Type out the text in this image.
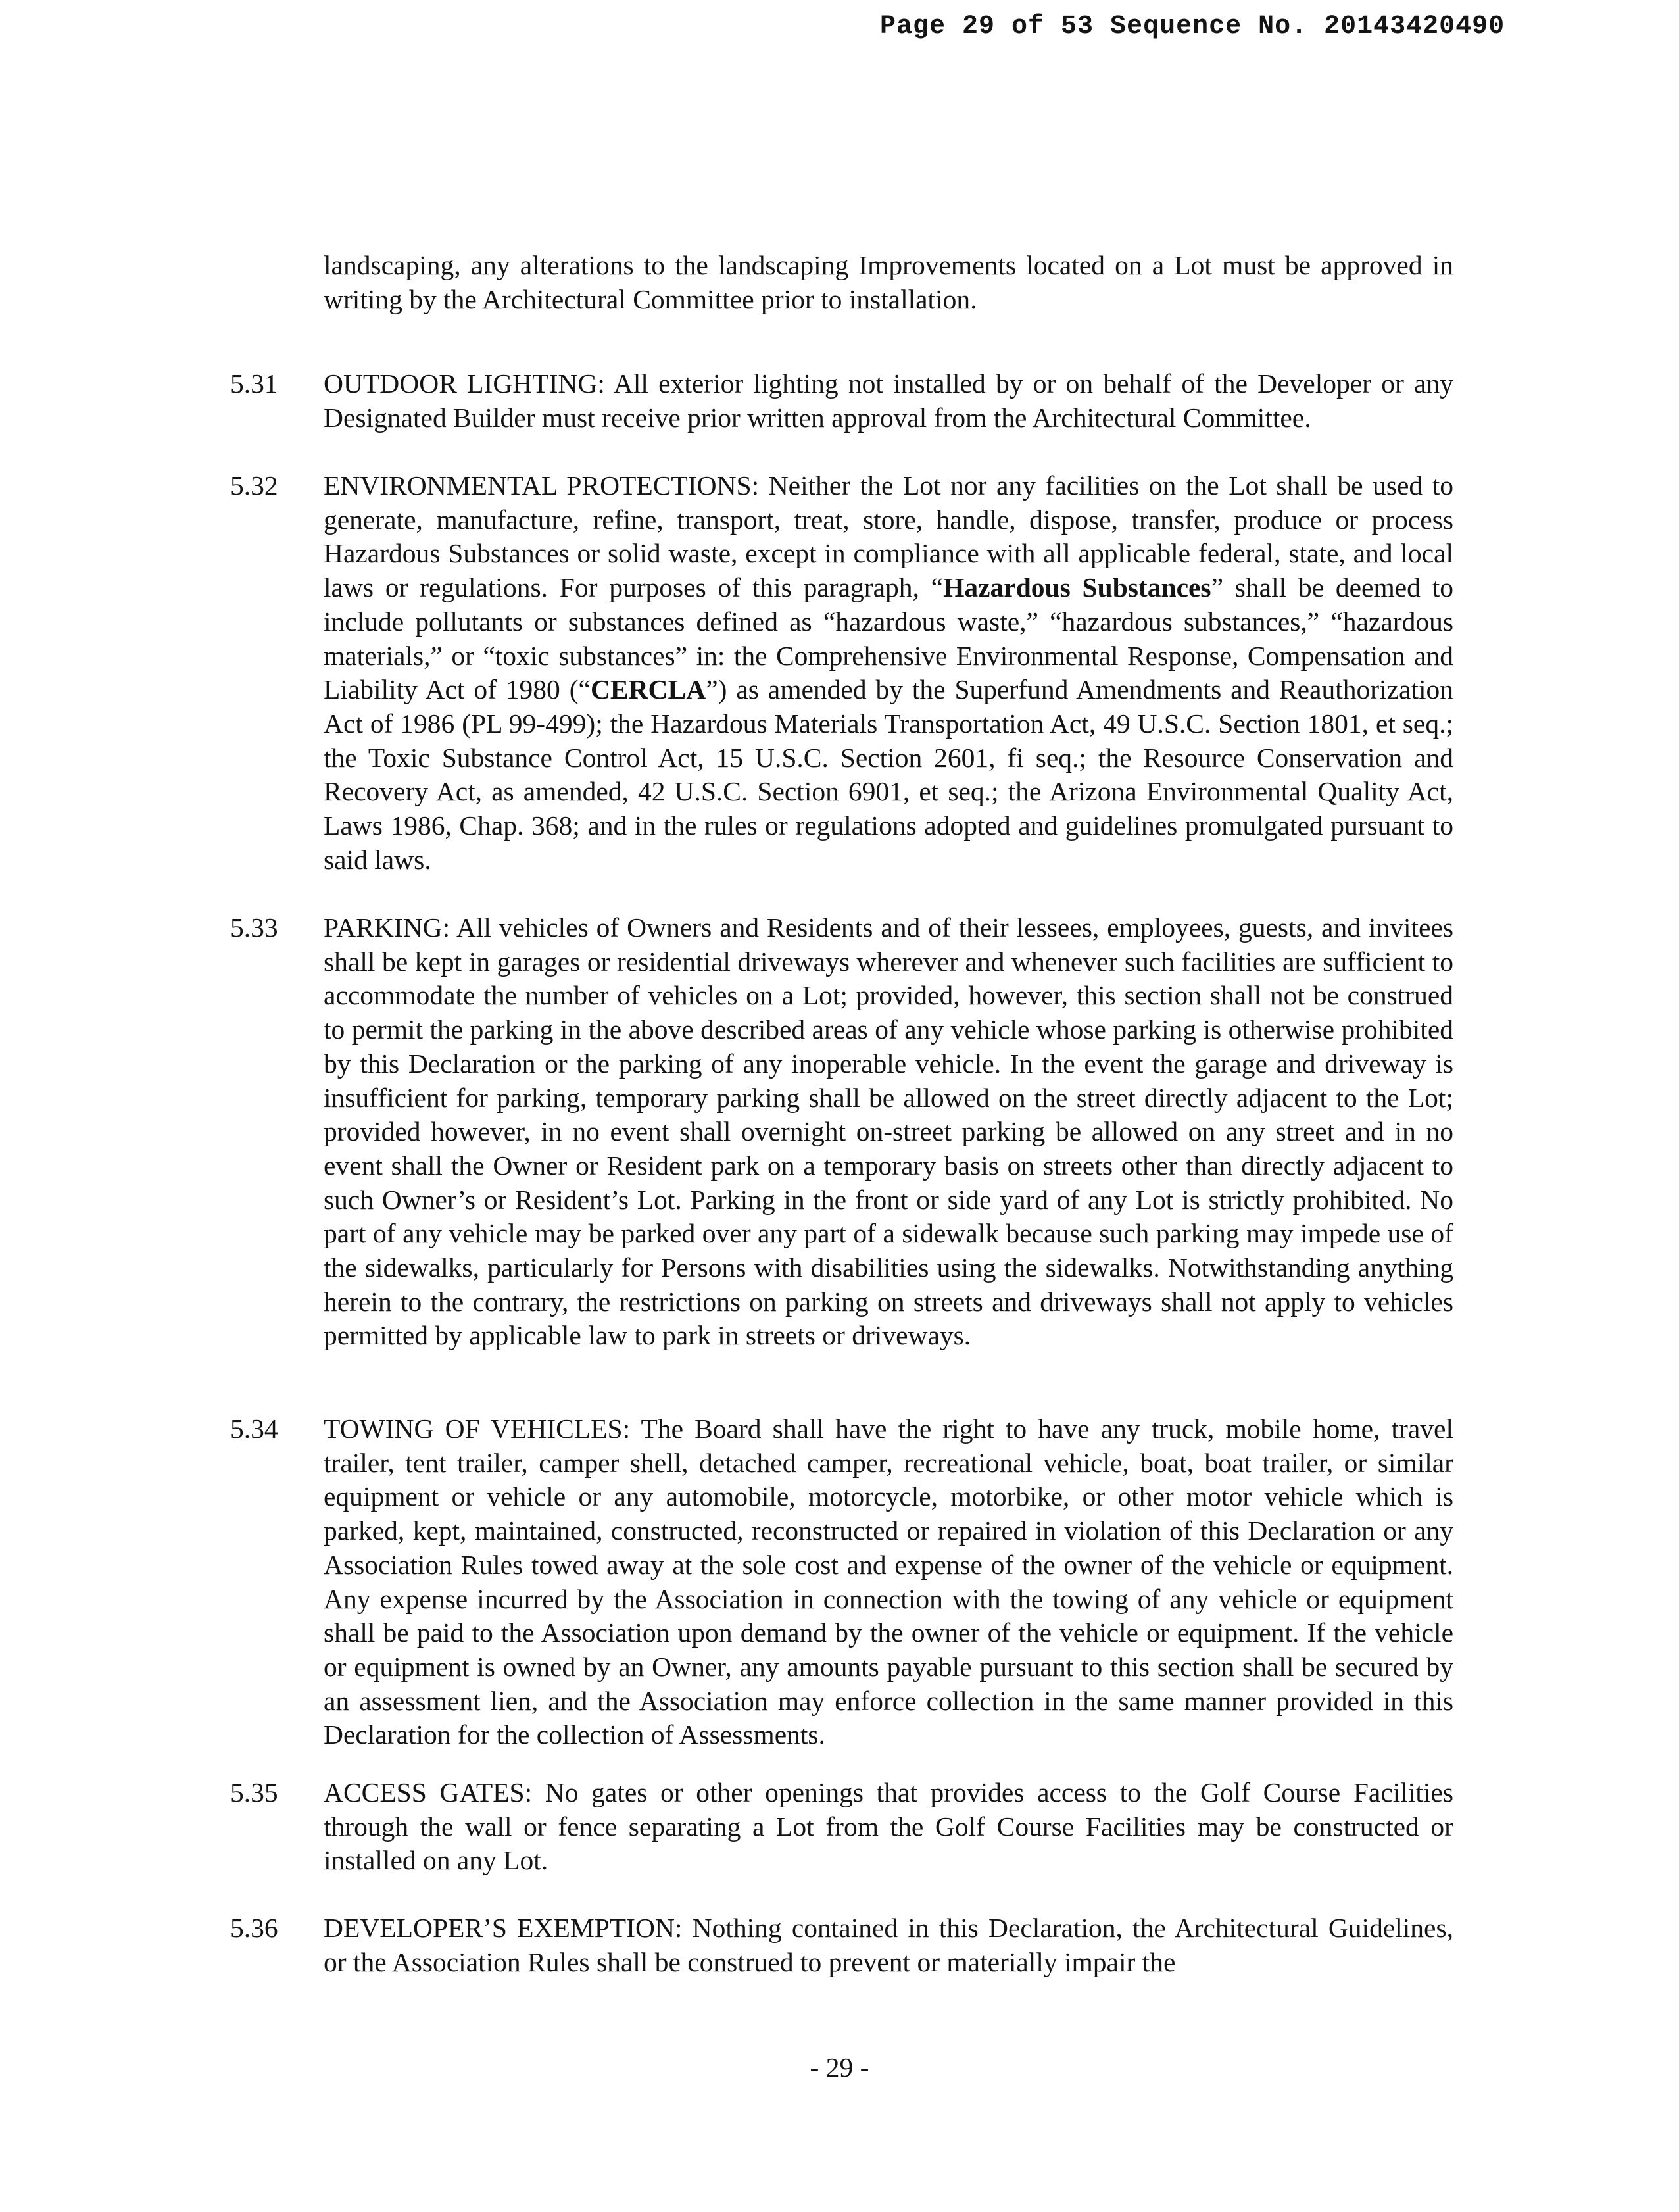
Page 29 of 53 Sequence No. 20143420490

landscaping, any alterations to the landscaping Improvements located on a Lot must be approved in writing by the Architectural Committee prior to installation.

5.31 OUTDOOR LIGHTING: All exterior lighting not installed by or on behalf of the Developer or any Designated Builder must receive prior written approval from the Architectural Committee.
5.32 ENVIRONMENTAL PROTECTIONS: Neither the Lot nor any facilities on the Lot shall be used to generate, manufacture, refine, transport, treat, store, handle, dispose, transfer, produce or process Hazardous Substances or solid waste, except in compliance with all applicable federal, state, and local laws or regulations. For purposes of this paragraph, “Hazardous Substances” shall be deemed to include pollutants or substances defined as “hazardous waste,” “hazardous substances,” “hazardous materials,” or “toxic substances” in: the Comprehensive Environmental Response, Compensation and Liability Act of 1980 (“CERCLA”) as amended by the Superfund Amendments and Reauthorization Act of 1986 (PL 99-499); the Hazardous Materials Transportation Act, 49 U.S.C. Section 1801, et seq.; the Toxic Substance Control Act, 15 U.S.C. Section 2601, fi seq.; the Resource Conservation and Recovery Act, as amended, 42 U.S.C. Section 6901, et seq.; the Arizona Environmental Quality Act, Laws 1986, Chap. 368; and in the rules or regulations adopted and guidelines promulgated pursuant to said laws.
5.33 PARKING: All vehicles of Owners and Residents and of their lessees, employees, guests, and invitees shall be kept in garages or residential driveways wherever and whenever such facilities are sufficient to accommodate the number of vehicles on a Lot; provided, however, this section shall not be construed to permit the parking in the above described areas of any vehicle whose parking is otherwise prohibited by this Declaration or the parking of any inoperable vehicle. In the event the garage and driveway is insufficient for parking, temporary parking shall be allowed on the street directly adjacent to the Lot; provided however, in no event shall overnight on-street parking be allowed on any street and in no event shall the Owner or Resident park on a temporary basis on streets other than directly adjacent to such Owner’s or Resident’s Lot. Parking in the front or side yard of any Lot is strictly prohibited. No part of any vehicle may be parked over any part of a sidewalk because such parking may impede use of the sidewalks, particularly for Persons with disabilities using the sidewalks. Notwithstanding anything herein to the contrary, the restrictions on parking on streets and driveways shall not apply to vehicles permitted by applicable law to park in streets or driveways.
5.34 TOWING OF VEHICLES: The Board shall have the right to have any truck, mobile home, travel trailer, tent trailer, camper shell, detached camper, recreational vehicle, boat, boat trailer, or similar equipment or vehicle or any automobile, motorcycle, motorbike, or other motor vehicle which is parked, kept, maintained, constructed, reconstructed or repaired in violation of this Declaration or any Association Rules towed away at the sole cost and expense of the owner of the vehicle or equipment. Any expense incurred by the Association in connection with the towing of any vehicle or equipment shall be paid to the Association upon demand by the owner of the vehicle or equipment. If the vehicle or equipment is owned by an Owner, any amounts payable pursuant to this section shall be secured by an assessment lien, and the Association may enforce collection in the same manner provided in this Declaration for the collection of Assessments.
5.35 ACCESS GATES: No gates or other openings that provides access to the Golf Course Facilities through the wall or fence separating a Lot from the Golf Course Facilities may be constructed or installed on any Lot.
5.36 DEVELOPER’S EXEMPTION: Nothing contained in this Declaration, the Architectural Guidelines, or the Association Rules shall be construed to prevent or materially impair the
- 29 -
